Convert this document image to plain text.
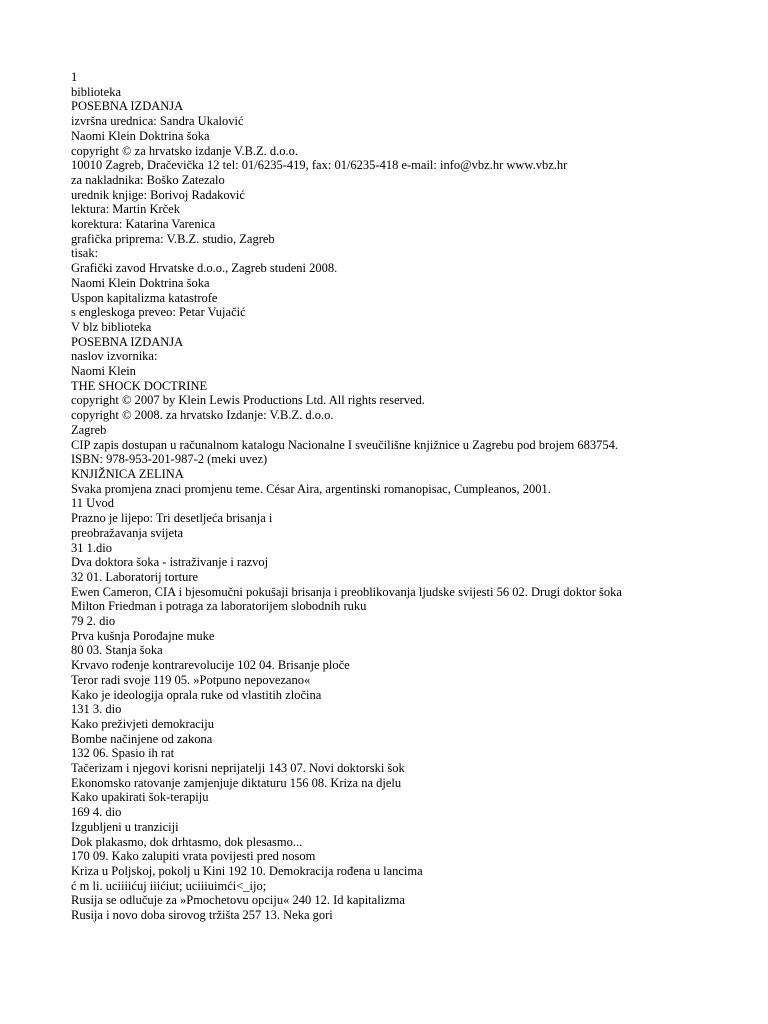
1
biblioteka
POSEBNA IZDANJA
izvršna urednica: Sandra Ukalović
Naomi Klein Doktrina šoka
copyright © za hrvatsko izdanje V.B.Z. d.o.o.
10010 Zagreb, Dračevička 12 tel: 01/6235-419, fax: 01/6235-418 e-mail: info@vbz.hr www.vbz.hr
za nakladnika: Boško Zatezalo
urednik knjige: Borivoj Radaković
lektura: Martin Krček
korektura: Katarina Varenica
grafička priprema: V.B.Z. studio, Zagreb
tisak:
Grafički zavod Hrvatske d.o.o., Zagreb studeni 2008.
Naomi Klein Doktrina šoka
Uspon kapitalizma katastrofe
s engleskoga preveo: Petar Vujačić
V blz biblioteka
POSEBNA IZDANJA
naslov izvornika:
Naomi Klein
THE SHOCK DOCTRINE
copyright © 2007 by Klein Lewis Productions Ltd. All rights reserved.
copyright © 2008. za hrvatsko Izdanje: V.B.Z. d.o.o.
Zagreb
CIP zapis dostupan u računalnom katalogu Nacionalne I sveučilišne knjižnice u Zagrebu pod brojem 683754.
ISBN: 978-953-201-987-2 (meki uvez)
KNJIŽNICA ZELINA
Svaka promjena znaci promjenu teme. César Aira, argentinski romanopisac, Cumpleanos, 2001.
11 Uvod
Prazno je lijepo: Tri desetljeća brisanja i
preobražavanja svijeta
31 1.dio
Dva doktora šoka - istraživanje i razvoj
32 01. Laboratorij torture
Ewen Cameron, CIA i bjesomučni pokušaji brisanja i preoblikovanja ljudske svijesti 56 02. Drugi doktor šoka
Milton Friedman i potraga za laboratorijem slobodnih ruku
79 2. dio
Prva kušnja Porođajne muke
80 03. Stanja šoka
Krvavo rođenje kontrarevolucije 102 04. Brisanje ploče
Teror radi svoje 119 05. »Potpuno nepovezano«
Kako je ideologija oprala ruke od vlastitih zločina
131 3. dio
Kako preživjeti demokraciju
Bombe načinjene od zakona
132 06. Spasio ih rat
Tačerizam i njegovi korisni neprijatelji 143 07. Novi doktorski šok
Ekonomsko ratovanje zamjenjuje diktaturu 156 08. Kriza na djelu
Kako upakirati šok-terapiju
169 4. dio
Izgubljeni u tranziciji
Dok plakasmo, dok drhtasmo, dok plesasmo...
170 09. Kako zalupiti vrata povijesti pred nosom
Kriza u Poljskoj, pokolj u Kini 192 10. Demokracija rođena u lancima
ć m li. uciiiićuj iiićiut; uciiiuimći<_ijo;
Rusija se odlučuje za »Pmochetovu opciju« 240 12. Id kapitalizma
Rusija i novo doba sirovog tržišta 257 13. Neka gori
